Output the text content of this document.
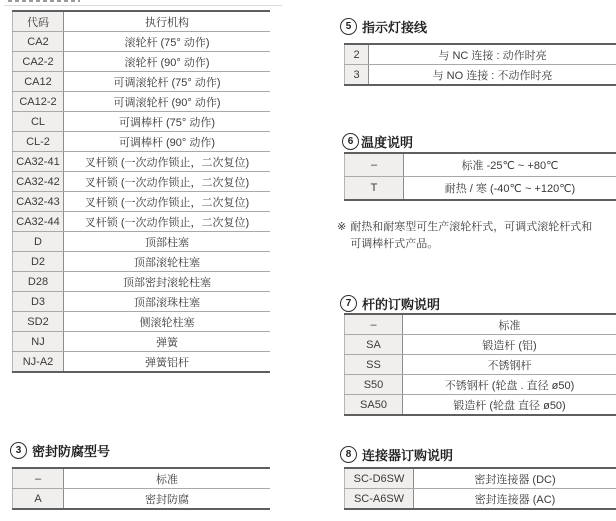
代码	执行机构
CA2	滚轮杆 (75° 动作)
CA2-2	滚轮杆 (90° 动作)
CA12	可调滚轮杆 (75° 动作)
CA12-2	可调滚轮杆 (90° 动作)
CL	可调棒杆 (75° 动作)
CL-2	可调棒杆 (90° 动作)
CA32-41	叉杆锁 (一次动作锁止，二次复位)
CA32-42	叉杆锁 (一次动作锁止，二次复位)
CA32-43	叉杆锁 (一次动作锁止，二次复位)
CA32-44	叉杆锁 (一次动作锁止，二次复位)
D	顶部柱塞
D2	顶部滚轮柱塞
D28	顶部密封滚轮柱塞
D3	顶部滚珠柱塞
SD2	侧滚轮柱塞
NJ	弹簧
NJ-A2	弹簧铝杆
3 密封防腐型号
–	标准
A	密封防腐
5 指示灯接线
2	与 NC 连接 : 动作时亮
3	与 NO 连接 : 不动作时亮
6 温度说明
–	标准 -25℃ ~ +80℃
T	耐热 / 寒 (-40℃ ~ +120℃)
※ 耐热和耐寒型可生产滚轮杆式，可调式滚轮杆式和可调棒杆式产品。
7 杆的订购说明
–	标准
SA	锻造杆 (铝)
SS	不锈钢杆
S50	不锈钢杆 (轮盘 . 直径 ø50)
SA50	锻造杆 (轮盘 直径 ø50)
8 连接器订购说明
SC-D6SW	密封连接器 (DC)
SC-A6SW	密封连接器 (AC)
